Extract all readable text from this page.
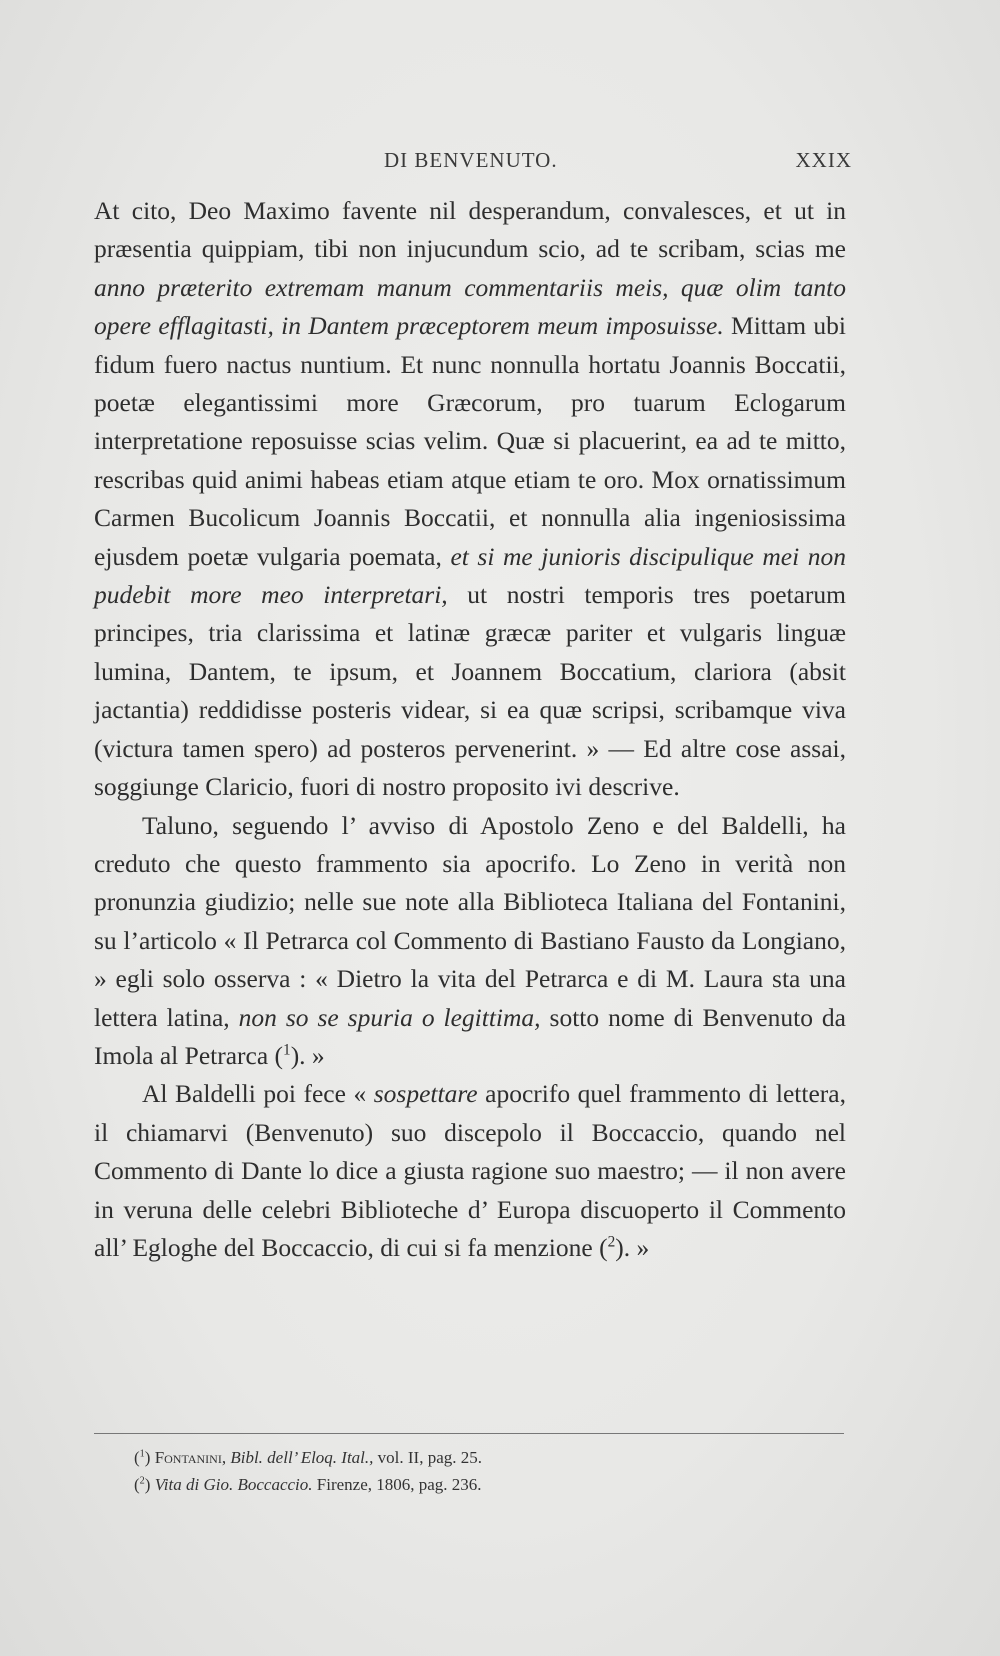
DI BENVENUTO.	XXIX

At cito, Deo Maximo favente nil desperandum, convalesces, et ut in præsentia quippiam, tibi non injucundum scio, ad te scribam, scias me anno præterito extremam manum commentariis meis, quæ olim tanto opere efflagitasti, in Dantem præceptorem meum imposuisse. Mittam ubi fidum fuero nactus nuntium. Et nunc nonnulla hortatu Joannis Boccatii, poetæ elegantissimi more Græcorum, pro tuarum Eclogarum interpretatione reposuisse scias velim. Quæ si placuerint, ea ad te mitto, rescribas quid animi habeas etiam atque etiam te oro. Mox ornatissimum Carmen Bucolicum Joannis Boccatii, et nonnulla alia ingeniosissima ejusdem poetæ vulgaria poemata, et si me junioris discipulique mei non pudebit more meo interpretari, ut nostri temporis tres poetarum principes, tria clarissima et latinæ græcæ pariter et vulgaris linguæ lumina, Dantem, te ipsum, et Joannem Boccatium, clariora (absit jactantia) reddidisse posteris videar, si ea quæ scripsi, scribamque viva (victura tamen spero) ad posteros pervenerint. » — Ed altre cose assai, soggiunge Claricio, fuori di nostro proposito ivi descrive.

Taluno, seguendo l’ avviso di Apostolo Zeno e del Baldelli, ha creduto che questo frammento sia apocrifo. Lo Zeno in verità non pronunzia giudizio; nelle sue note alla Biblioteca Italiana del Fontanini, su l’articolo « Il Petrarca col Commento di Bastiano Fausto da Longiano, » egli solo osserva : « Dietro la vita del Petrarca e di M. Laura sta una lettera latina, non so se spuria o legittima, sotto nome di Benvenuto da Imola al Petrarca ($^1$). »

Al Baldelli poi fece « sospettare apocrifo quel frammento di lettera, il chiamarvi (Benvenuto) suo discepolo il Boccaccio, quando nel Commento di Dante lo dice a giusta ragione suo maestro; — il non avere in veruna delle celebri Biblioteche d’ Europa discuoperto il Commento all’ Egloghe del Boccaccio, di cui si fa menzione ($^2$). »

($^1$) Fontanini, Bibl. dell’ Eloq. Ital., vol. II, pag. 25.
($^2$) Vita di Gio. Boccaccio. Firenze, 1806, pag. 236.
